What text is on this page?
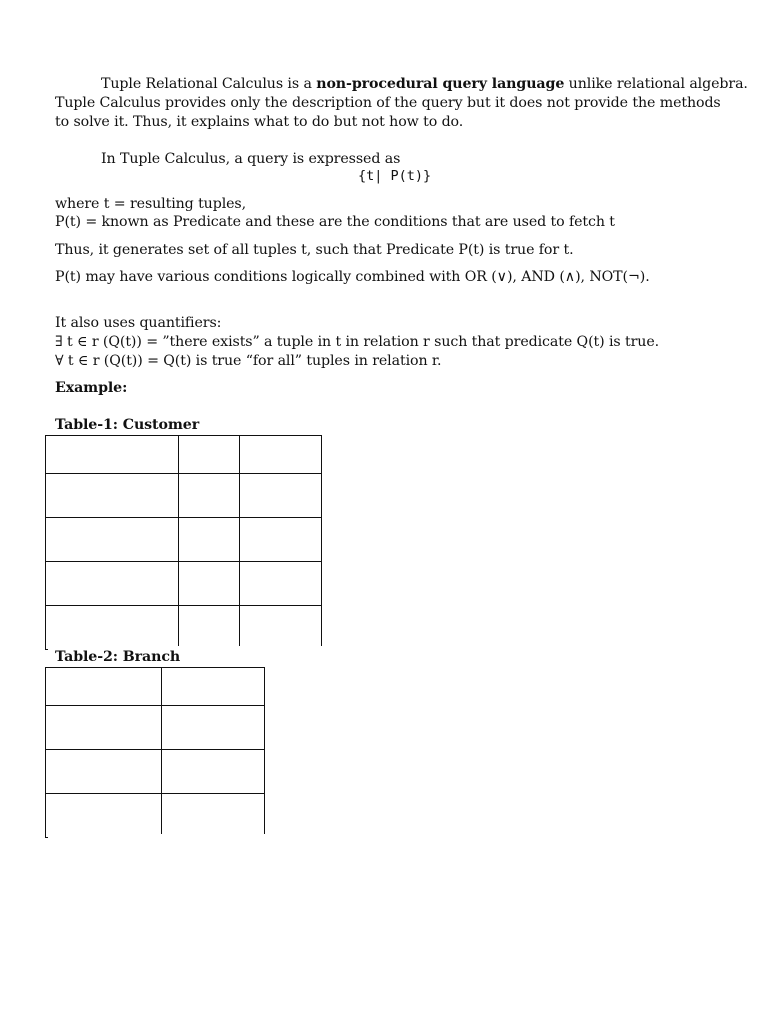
Tuple Relational Calculus is a non-procedural query language unlike relational algebra.
Tuple Calculus provides only the description of the query but it does not provide the methods
to solve it. Thus, it explains what to do but not how to do.
In Tuple Calculus, a query is expressed as
{t| P(t)}
where t = resulting tuples,
P(t) = known as Predicate and these are the conditions that are used to fetch t
Thus, it generates set of all tuples t, such that Predicate P(t) is true for t.
P(t) may have various conditions logically combined with OR (∨), AND (∧), NOT(¬).
It also uses quantifiers:
∃ t ∈ r (Q(t)) = ”there exists” a tuple in t in relation r such that predicate Q(t) is true.
∀ t ∈ r (Q(t)) = Q(t) is true “for all” tuples in relation r.
Example:
Table-1: Customer

Table-2: Branch
